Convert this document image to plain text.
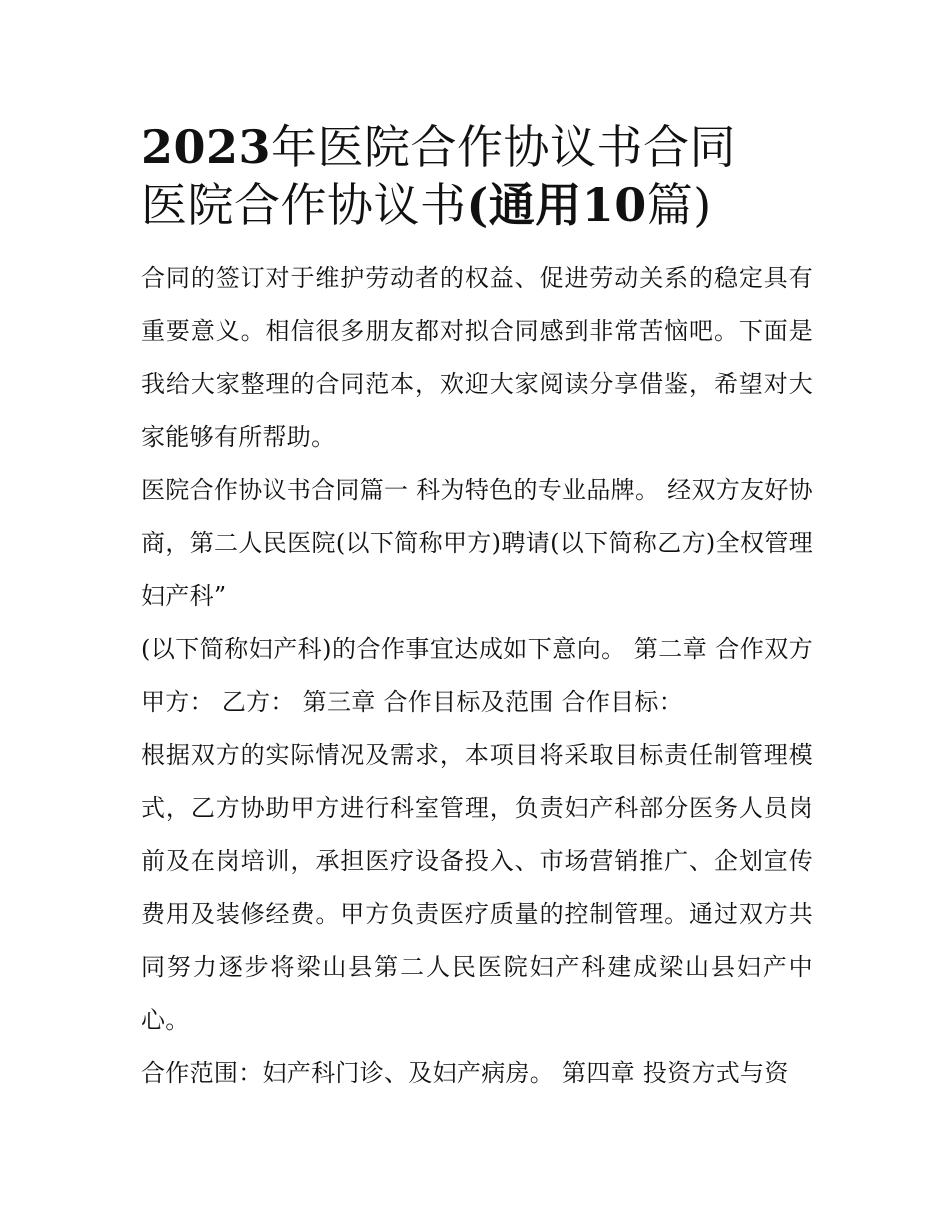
2023年医院合作协议书合同
医院合作协议书(通用10篇)

合同的签订对于维护劳动者的权益、促进劳动关系的稳定具有重要意义。相信很多朋友都对拟合同感到非常苦恼吧。下面是我给大家整理的合同范本，欢迎大家阅读分享借鉴，希望对大家能够有所帮助。

医院合作协议书合同篇一 科为特色的专业品牌。 经双方友好协商，第二人民医院(以下简称甲方)聘请(以下简称乙方)全权管理妇产科”

(以下简称妇产科)的合作事宜达成如下意向。 第二章 合作双方 甲方： 乙方： 第三章 合作目标及范围 合作目标：

根据双方的实际情况及需求，本项目将采取目标责任制管理模式，乙方协助甲方进行科室管理，负责妇产科部分医务人员岗前及在岗培训，承担医疗设备投入、市场营销推广、企划宣传费用及装修经费。甲方负责医疗质量的控制管理。通过双方共同努力逐步将梁山县第二人民医院妇产科建成梁山县妇产中心。

合作范围：妇产科门诊、及妇产病房。 第四章 投资方式与资
